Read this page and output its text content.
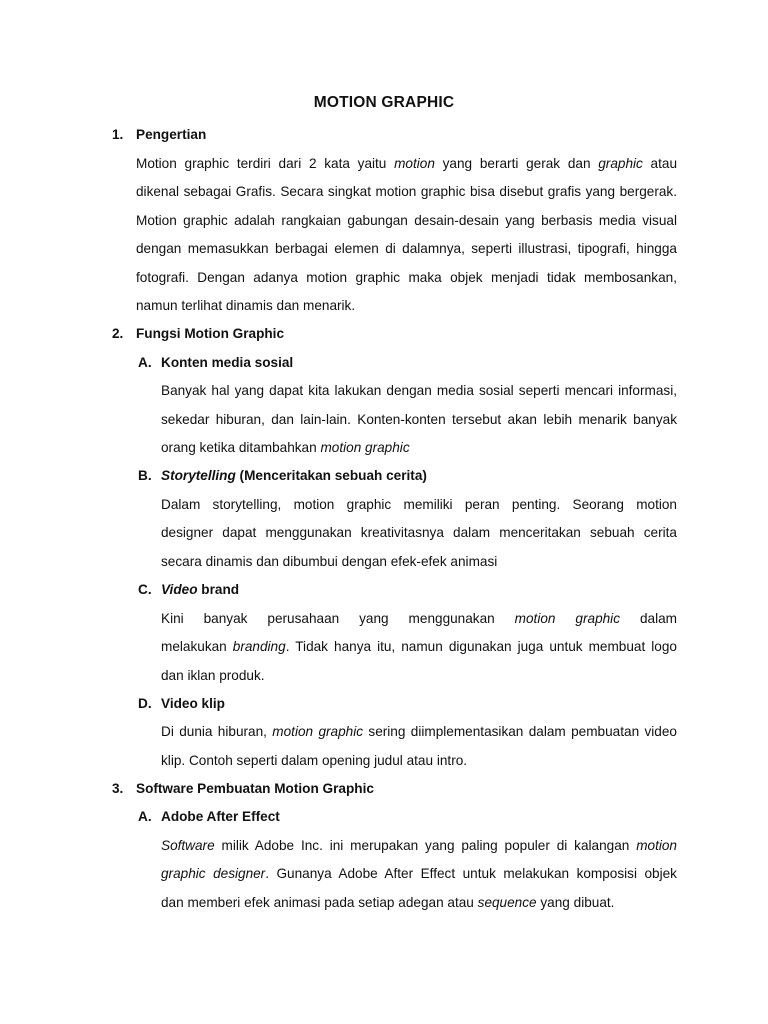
MOTION GRAPHIC
1. Pengertian
Motion graphic terdiri dari 2 kata yaitu motion yang berarti gerak dan graphic atau
dikenal sebagai Grafis. Secara singkat motion graphic bisa disebut grafis yang bergerak.
Motion graphic adalah rangkaian gabungan desain-desain yang berbasis media visual
dengan memasukkan berbagai elemen di dalamnya, seperti illustrasi, tipografi, hingga
fotografi. Dengan adanya motion graphic maka objek menjadi tidak membosankan,
namun terlihat dinamis dan menarik.
2. Fungsi Motion Graphic
A. Konten media sosial
Banyak hal yang dapat kita lakukan dengan media sosial seperti mencari informasi,
sekedar hiburan, dan lain-lain. Konten-konten tersebut akan lebih menarik banyak
orang ketika ditambahkan motion graphic
B. Storytelling (Menceritakan sebuah cerita)
Dalam storytelling, motion graphic memiliki peran penting. Seorang motion
designer dapat menggunakan kreativitasnya dalam menceritakan sebuah cerita
secara dinamis dan dibumbui dengan efek-efek animasi
C. Video brand
Kini banyak perusahaan yang menggunakan motion graphic dalam
melakukan branding. Tidak hanya itu, namun digunakan juga untuk membuat logo
dan iklan produk.
D. Video klip
Di dunia hiburan, motion graphic sering diimplementasikan dalam pembuatan video
klip. Contoh seperti dalam opening judul atau intro.
3. Software Pembuatan Motion Graphic
A. Adobe After Effect
Software milik Adobe Inc. ini merupakan yang paling populer di kalangan motion
graphic designer. Gunanya Adobe After Effect untuk melakukan komposisi objek
dan memberi efek animasi pada setiap adegan atau sequence yang dibuat.
